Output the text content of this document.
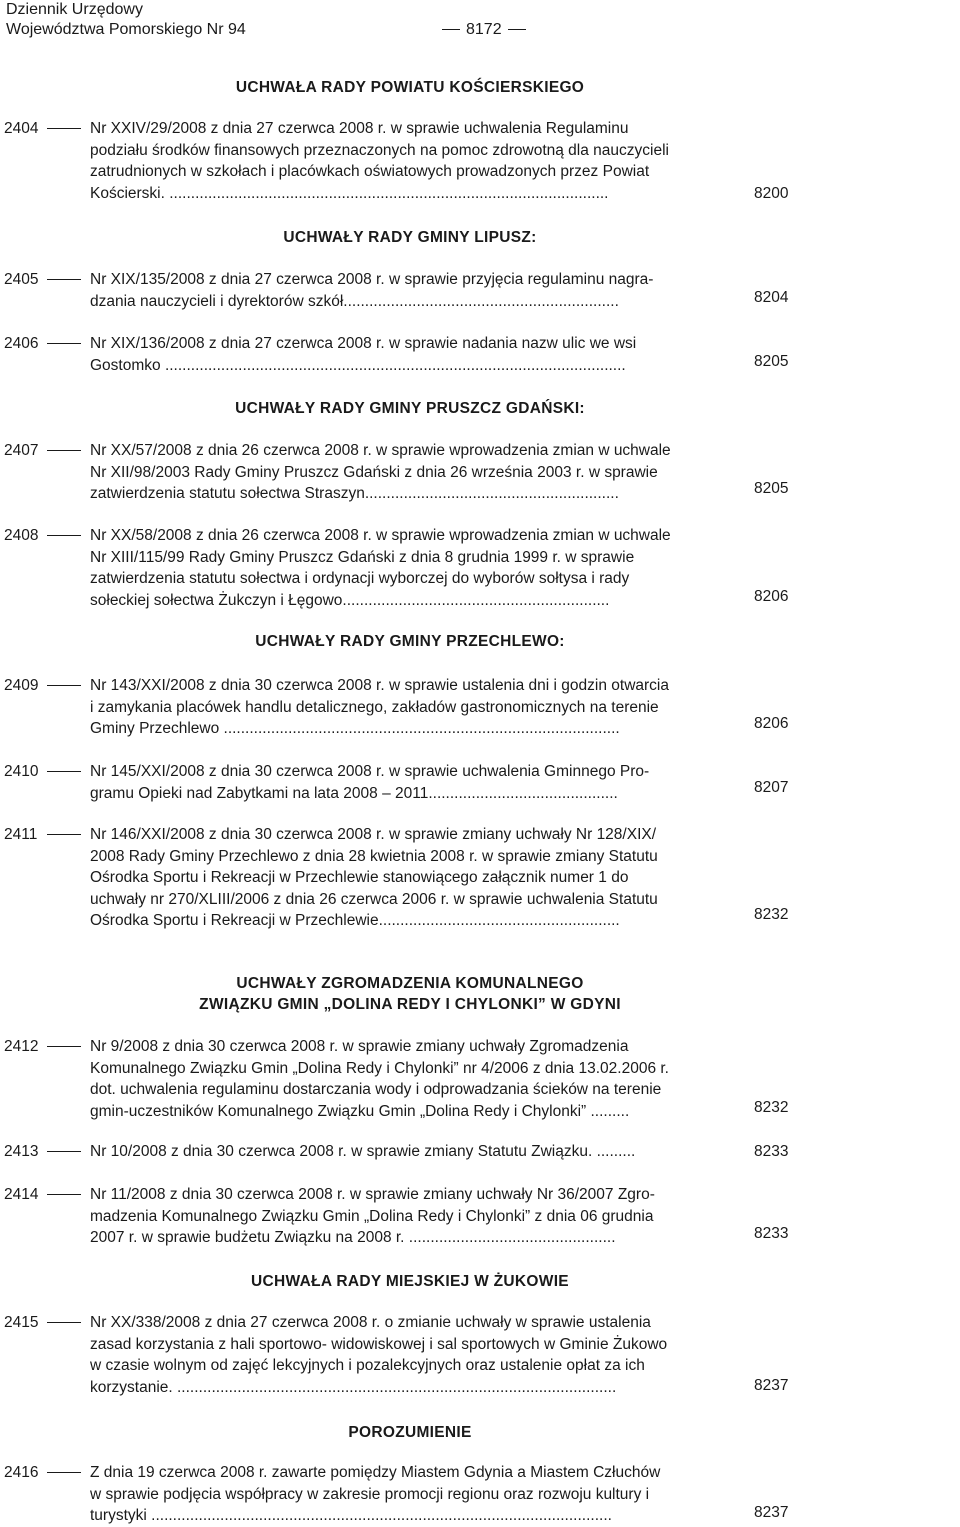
Dziennik Urzędowy
Województwa Pomorskiego Nr 94	8172
UCHWAŁA RADY POWIATU KOŚCIERSKIEGO
UCHWAŁY RADY GMINY LIPUSZ:
UCHWAŁY RADY GMINY PRUSZCZ GDAŃSKI:
UCHWAŁY RADY GMINY PRZECHLEWO:
UCHWAŁY ZGROMADZENIA KOMUNALNEGO
ZWIĄZKU GMIN „DOLINA REDY I CHYLONKI” W GDYNI
UCHWAŁA RADY MIEJSKIEJ W ŻUKOWIE
POROZUMIENIE
2404	Nr XXIV/29/2008 z dnia 27 czerwca 2008 r. w sprawie uchwalenia Regulaminu
podziału środków finansowych przeznaczonych na pomoc zdrowotną dla nauczycieli
zatrudnionych w szkołach i placówkach oświatowych prowadzonych przez Powiat
Kościerski. ......................................................................................................	8200
2405	Nr XIX/135/2008 z dnia 27 czerwca 2008 r. w sprawie przyjęcia regulaminu nagra-
dzania nauczycieli i dyrektorów szkół................................................................	8204
2406	Nr XIX/136/2008 z dnia 27 czerwca 2008 r. w sprawie nadania nazw ulic we wsi
Gostomko ...........................................................................................................	8205
2407	Nr XX/57/2008 z dnia 26 czerwca 2008 r. w sprawie wprowadzenia zmian w uchwale
Nr XII/98/2003 Rady Gminy Pruszcz Gdański z dnia 26 września 2003 r. w sprawie
zatwierdzenia statutu sołectwa Straszyn...........................................................	8205
2408	Nr XX/58/2008 z dnia 26 czerwca 2008 r. w sprawie wprowadzenia zmian w uchwale
Nr XIII/115/99 Rady Gminy Pruszcz Gdański z dnia 8 grudnia 1999 r. w sprawie
zatwierdzenia statutu sołectwa i ordynacji wyborczej do wyborów sołtysa i rady
sołeckiej sołectwa Żukczyn i Łęgowo..............................................................	8206
2409	Nr 143/XXI/2008 z dnia 30 czerwca 2008 r. w sprawie ustalenia dni i godzin otwarcia
i zamykania placówek handlu detalicznego, zakładów gastronomicznych na terenie
Gminy Przechlewo ............................................................................................	8206
2410	Nr 145/XXI/2008 z dnia 30 czerwca 2008 r. w sprawie uchwalenia Gminnego Pro-
gramu Opieki nad Zabytkami na lata 2008 – 2011............................................	8207
2411	Nr 146/XXI/2008 z dnia 30 czerwca 2008 r. w sprawie zmiany uchwały Nr 128/XIX/
2008 Rady Gminy Przechlewo z dnia 28 kwietnia 2008 r. w sprawie zmiany Statutu
Ośrodka Sportu i Rekreacji w Przechlewie stanowiącego załącznik numer 1 do
uchwały nr 270/XLIII/2006 z dnia 26 czerwca 2006 r. w sprawie uchwalenia Statutu
Ośrodka Sportu i Rekreacji w Przechlewie........................................................	8232
2412	Nr 9/2008 z dnia 30 czerwca 2008 r. w sprawie zmiany uchwały Zgromadzenia
Komunalnego Związku Gmin „Dolina Redy i Chylonki” nr 4/2006 z dnia 13.02.2006 r.
dot. uchwalenia regulaminu dostarczania wody i odprowadzania ścieków na terenie
gmin-uczestników Komunalnego Związku Gmin „Dolina Redy i Chylonki” .........	8232
2413	Nr 10/2008 z dnia 30 czerwca 2008 r. w sprawie zmiany Statutu Związku. .........	8233
2414	Nr 11/2008 z dnia 30 czerwca 2008 r. w sprawie zmiany uchwały Nr 36/2007 Zgro-
madzenia Komunalnego Związku Gmin „Dolina Redy i Chylonki” z dnia 06 grudnia
2007 r. w sprawie budżetu Związku na 2008 r. ................................................	8233
2415	Nr XX/338/2008 z dnia 27 czerwca 2008 r. o zmianie uchwały w sprawie ustalenia
zasad korzystania z hali sportowo- widowiskowej i sal sportowych w Gminie Żukowo
w czasie wolnym od zajęć lekcyjnych i pozalekcyjnych oraz ustalenie opłat za ich
korzystanie. ......................................................................................................	8237
2416	Z dnia 19 czerwca 2008 r. zawarte pomiędzy Miastem Gdynia a Miastem Człuchów
w sprawie podjęcia współpracy w zakresie promocji regionu oraz rozwoju kultury i
turystyki ...........................................................................................................	8237
